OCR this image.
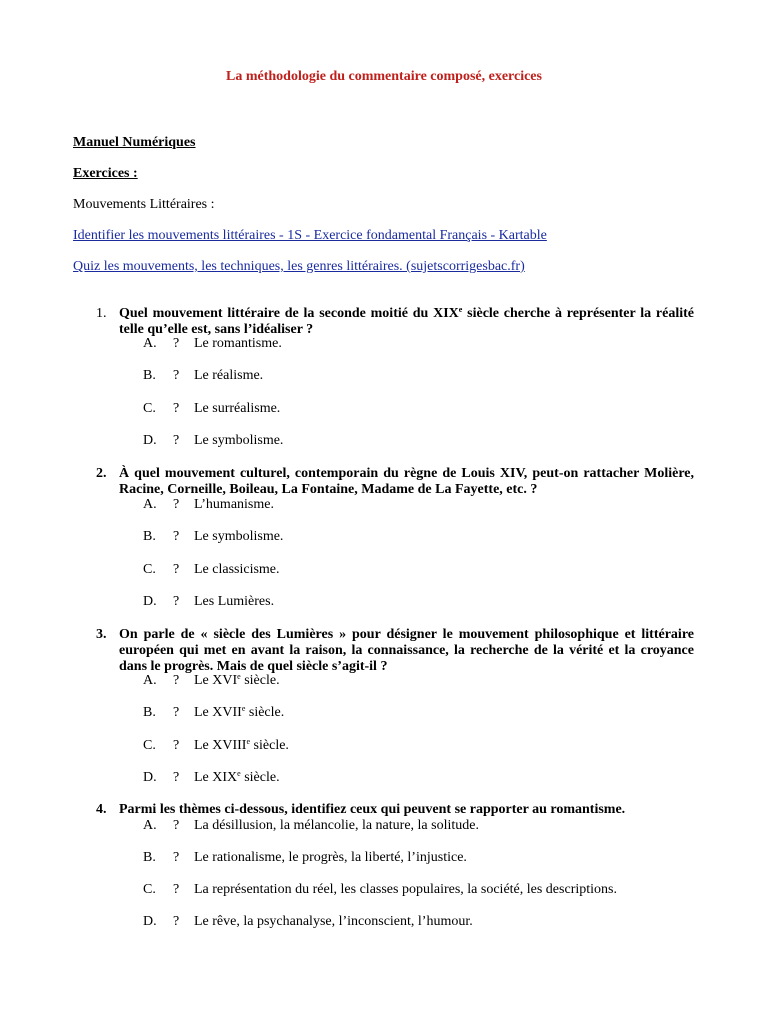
La méthodologie du commentaire composé, exercices
Manuel Numériques
Exercices :
Mouvements Littéraires :
Identifier les mouvements littéraires - 1S - Exercice fondamental Français - Kartable
Quiz les mouvements, les techniques, les genres littéraires. (sujetscorrigesbac.fr)
1. Quel mouvement littéraire de la seconde moitié du XIXe siècle cherche à représenter la réalité telle qu’elle est, sans l’idéaliser ?
A.	?	Le romantisme.
B.	?	Le réalisme.
C.	?	Le surréalisme.
D.	?	Le symbolisme.
2. À quel mouvement culturel, contemporain du règne de Louis XIV, peut-on rattacher Molière, Racine, Corneille, Boileau, La Fontaine, Madame de La Fayette, etc. ?
A.	?	L’humanisme.
B.	?	Le symbolisme.
C.	?	Le classicisme.
D.	?	Les Lumières.
3. On parle de « siècle des Lumières » pour désigner le mouvement philosophique et littéraire européen qui met en avant la raison, la connaissance, la recherche de la vérité et la croyance dans le progrès. Mais de quel siècle s’agit-il ?
A.	?	Le XVIe siècle.
B.	?	Le XVIIe siècle.
C.	?	Le XVIIIe siècle.
D.	?	Le XIXe siècle.
4. Parmi les thèmes ci-dessous, identifiez ceux qui peuvent se rapporter au romantisme.
A.	?	La désillusion, la mélancolie, la nature, la solitude.
B.	?	Le rationalisme, le progrès, la liberté, l’injustice.
C.	?	La représentation du réel, les classes populaires, la société, les descriptions.
D.	?	Le rêve, la psychanalyse, l’inconscient, l’humour.
